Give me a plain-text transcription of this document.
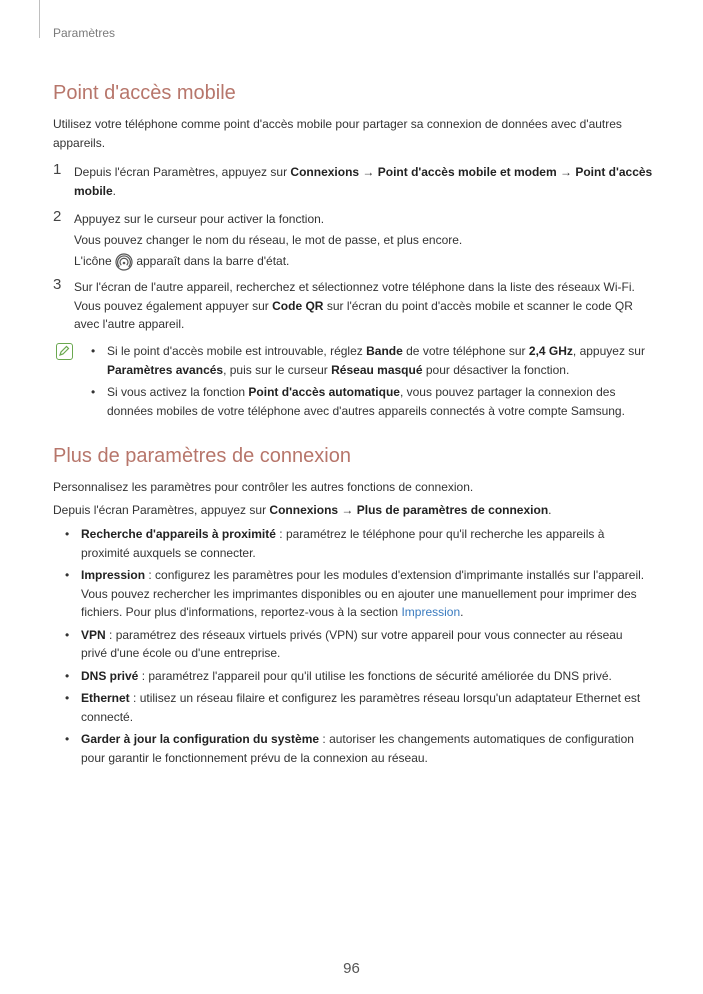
Paramètres
Point d'accès mobile
Utilisez votre téléphone comme point d'accès mobile pour partager sa connexion de données avec d'autres appareils.
1 Depuis l'écran Paramètres, appuyez sur Connexions → Point d'accès mobile et modem → Point d'accès mobile.
2 Appuyez sur le curseur pour activer la fonction.
Vous pouvez changer le nom du réseau, le mot de passe, et plus encore.
L'icône  apparaît dans la barre d'état.
3 Sur l'écran de l'autre appareil, recherchez et sélectionnez votre téléphone dans la liste des réseaux Wi-Fi.
Vous pouvez également appuyer sur Code QR sur l'écran du point d'accès mobile et scanner le code QR avec l'autre appareil.
• Si le point d'accès mobile est introuvable, réglez Bande de votre téléphone sur 2,4 GHz, appuyez sur Paramètres avancés, puis sur le curseur Réseau masqué pour désactiver la fonction.
• Si vous activez la fonction Point d'accès automatique, vous pouvez partager la connexion des données mobiles de votre téléphone avec d'autres appareils connectés à votre compte Samsung.
Plus de paramètres de connexion
Personnalisez les paramètres pour contrôler les autres fonctions de connexion.
Depuis l'écran Paramètres, appuyez sur Connexions → Plus de paramètres de connexion.
• Recherche d'appareils à proximité : paramétrez le téléphone pour qu'il recherche les appareils à proximité auxquels se connecter.
• Impression : configurez les paramètres pour les modules d'extension d'imprimante installés sur l'appareil. Vous pouvez rechercher les imprimantes disponibles ou en ajouter une manuellement pour imprimer des fichiers. Pour plus d'informations, reportez-vous à la section Impression.
• VPN : paramétrez des réseaux virtuels privés (VPN) sur votre appareil pour vous connecter au réseau privé d'une école ou d'une entreprise.
• DNS privé : paramétrez l'appareil pour qu'il utilise les fonctions de sécurité améliorée du DNS privé.
• Ethernet : utilisez un réseau filaire et configurez les paramètres réseau lorsqu'un adaptateur Ethernet est connecté.
• Garder à jour la configuration du système : autoriser les changements automatiques de configuration pour garantir le fonctionnement prévu de la connexion au réseau.
96
